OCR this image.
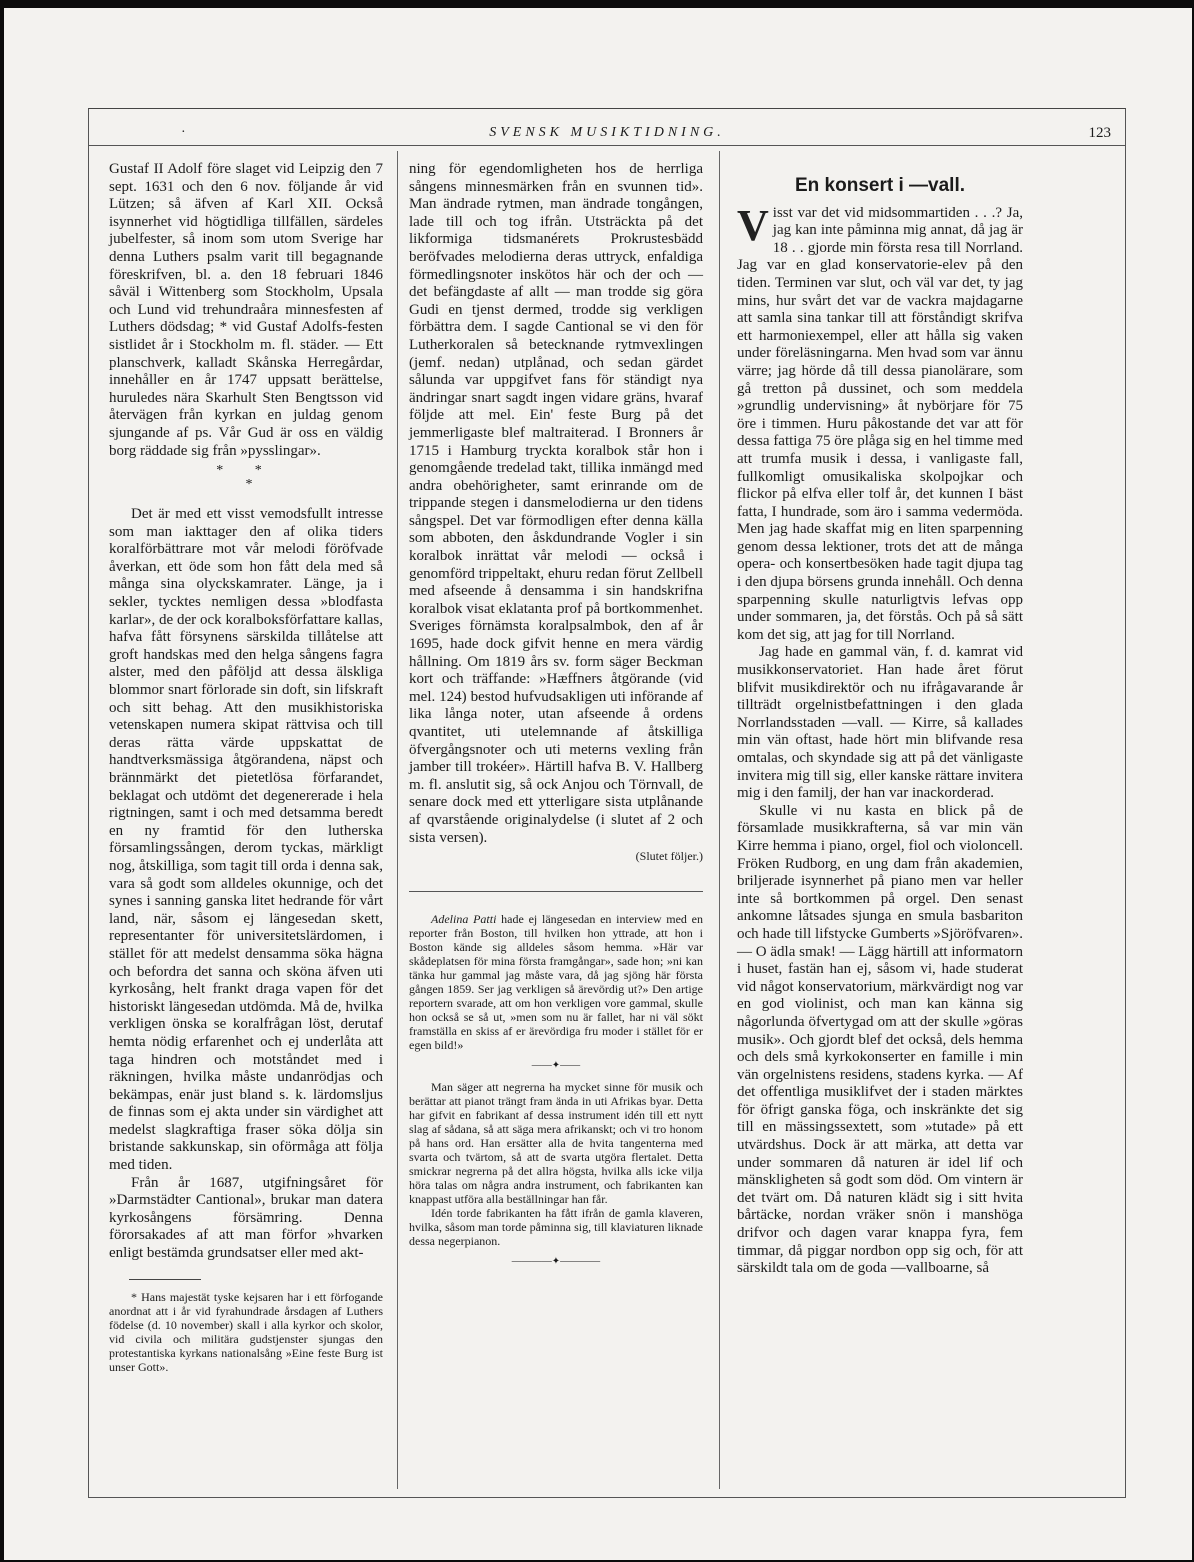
·	SVENSK MUSIKTIDNING.	123

Gustaf II Adolf före slaget vid Leipzig den 7 sept. 1631 och den 6 nov. följande år vid Lützen; så äfven af Karl XII. Också isynnerhet vid högtidliga tillfällen, särdeles jubelfester, så inom som utom Sverige har denna Luthers psalm varit till begagnande föreskrifven, bl. a. den 18 februari 1846 såväl i Wittenberg som Stockholm, Upsala och Lund vid trehundraåra minnesfesten af Luthers dödsdag; * vid Gustaf Adolfs-festen sistlidet år i Stockholm m. fl. städer. — Ett planschverk, kalladt Skånska Herregårdar, innehåller en år 1747 uppsatt berättelse, huruledes nära Skarhult Sten Bengtsson vid återvägen från kyrkan en juldag genom sjungande af ps. Vår Gud är oss en väldig borg räddade sig från »pysslingar».

* *
*

Det är med ett visst vemodsfullt intresse som man iakttager den af olika tiders koralförbättrare mot vår melodi föröfvade åverkan, ett öde som hon fått dela med så många sina olyckskamrater. Länge, ja i sekler, tycktes nemligen dessa »blodfasta karlar», de der ock koralboksförfattare kallas, hafva fått försynens särskilda tillåtelse att groft handskas med den helga sångens fagra alster, med den påföljd att dessa älskliga blommor snart förlorade sin doft, sin lifskraft och sitt behag. Att den musikhistoriska vetenskapen numera skipat rättvisa och till deras rätta värde uppskattat de handtverksmässiga åtgörandena, näpst och brännmärkt det pietetlösa förfarandet, beklagat och utdömt det degenererade i hela rigtningen, samt i och med detsamma beredt en ny framtid för den lutherska församlingssången, derom tyckas, märkligt nog, åtskilliga, som tagit till orda i denna sak, vara så godt som alldeles okunnige, och det synes i sanning ganska litet hedrande för vårt land, när, såsom ej längesedan skett, representanter för universitetslärdomen, i stället för att medelst densamma söka hägna och befordra det sanna och sköna äfven uti kyrkosång, helt frankt draga vapen för det historiskt längesedan utdömda. Må de, hvilka verkligen önska se koralfrågan löst, derutaf hemta nödig erfarenhet och ej underlåta att taga hindren och motståndet med i räkningen, hvilka måste undanrödjas och bekämpas, enär just bland s. k. lärdomsljus de finnas som ej akta under sin värdighet att medelst slagkraftiga fraser söka dölja sin bristande sakkunskap, sin oförmåga att följa med tiden.

Från år 1687, utgifningsåret för »Darmstädter Cantional», brukar man datera kyrkosångens försämring. Denna förorsakades af att man förfor »hvarken enligt bestämda grundsatser eller med akt-

* Hans majestät tyske kejsaren har i ett förfogande anordnat att i år vid fyrahundrade årsdagen af Luthers födelse (d. 10 november) skall i alla kyrkor och skolor, vid civila och militära gudstjenster sjungas den protestantiska kyrkans nationalsång »Eine feste Burg ist unser Gott».

ning för egendomligheten hos de herrliga sångens minnesmärken från en svunnen tid». Man ändrade rytmen, man ändrade tongången, lade till och tog ifrån. Utsträckta på det likformiga tidsmanérets Prokrustesbädd beröfvades melodierna deras uttryck, enfaldiga förmedlingsnoter inskötos här och der och — det befängdaste af allt — man trodde sig göra Gudi en tjenst dermed, trodde sig verkligen förbättra dem. I sagde Cantional se vi den för Lutherkoralen så betecknande rytmvexlingen (jemf. nedan) utplånad, och sedan gärdet sålunda var uppgifvet fans för ständigt nya ändringar snart sagdt ingen vidare gräns, hvaraf följde att mel. Ein' feste Burg på det jemmerligaste blef maltraiterad. I Bronners år 1715 i Hamburg tryckta koralbok står hon i genomgående tredelad takt, tillika inmängd med andra obehörigheter, samt erinrande om de trippande stegen i dansmelodierna ur den tidens sångspel. Det var förmodligen efter denna källa som abboten, den åskdundrande Vogler i sin koralbok inrättat vår melodi — också i genomförd trippeltakt, ehuru redan förut Zellbell med afseende å densamma i sin handskrifna koralbok visat eklatanta prof på bortkommenhet. Sveriges förnämsta koralpsalmbok, den af år 1695, hade dock gifvit henne en mera värdig hållning. Om 1819 års sv. form säger Beckman kort och träffande: »Hæffners åtgörande (vid mel. 124) bestod hufvudsakligen uti införande af lika långa noter, utan afseende å ordens qvantitet, uti utelemnande af åtskilliga öfvergångsnoter och uti meterns vexling från jamber till trokéer». Härtill hafva B. V. Hallberg m. fl. anslutit sig, så ock Anjou och Törnvall, de senare dock med ett ytterligare sista utplånande af qvarstående originalydelse (i slutet af 2 och sista versen).

(Slutet följer.)

Adelina Patti hade ej längesedan en interview med en reporter från Boston, till hvilken hon yttrade, att hon i Boston kände sig alldeles såsom hemma. »Här var skådeplatsen för mina första framgångar», sade hon; »ni kan tänka hur gammal jag måste vara, då jag sjöng här första gången 1859. Ser jag verkligen så ärevördig ut?» Den artige reportern svarade, att om hon verkligen vore gammal, skulle hon också se så ut, »men som nu är fallet, har ni väl sökt framställa en skiss af er ärevördiga fru moder i stället för er egen bild!»

——✦——

Man säger att negrerna ha mycket sinne för musik och berättar att pianot trängt fram ända in uti Afrikas byar. Detta har gifvit en fabrikant af dessa instrument idén till ett nytt slag af sådana, så att säga mera afrikanskt; och vi tro honom på hans ord. Han ersätter alla de hvita tangenterna med svarta och tvärtom, så att de svarta utgöra flertalet. Detta smickrar negrerna på det allra högsta, hvilka alls icke vilja höra talas om några andra instrument, och fabrikanten kan knappast utföra alla beställningar han får.

Idén torde fabrikanten ha fått ifrån de gamla klaveren, hvilka, såsom man torde påminna sig, till klaviaturen liknade dessa negerpianon.

————✦————
En konsert i —vall.

Visst var det vid midsommartiden . . .? Ja, jag kan inte påminna mig annat, då jag är 18 . . gjorde min första resa till Norrland. Jag var en glad konservatorie-elev på den tiden. Terminen var slut, och väl var det, ty jag mins, hur svårt det var de vackra majdagarne att samla sina tankar till att förståndigt skrifva ett harmoniexempel, eller att hålla sig vaken under föreläsningarna. Men hvad som var ännu värre; jag hörde då till dessa pianolärare, som gå tretton på dussinet, och som meddela »grundlig undervisning» åt nybörjare för 75 öre i timmen. Huru påkostande det var att för dessa fattiga 75 öre plåga sig en hel timme med att trumfa musik i dessa, i vanligaste fall, fullkomligt omusikaliska skolpojkar och flickor på elfva eller tolf år, det kunnen I bäst fatta, I hundrade, som äro i samma vedermöda. Men jag hade skaffat mig en liten sparpenning genom dessa lektioner, trots det att de många opera- och konsertbesöken hade tagit djupa tag i den djupa börsens grunda innehåll. Och denna sparpenning skulle naturligtvis lefvas opp under sommaren, ja, det förstås. Och på så sätt kom det sig, att jag for till Norrland.

Jag hade en gammal vän, f. d. kamrat vid musikkonservatoriet. Han hade året förut blifvit musikdirektör och nu ifrågavarande år tillträdt orgelnistbefattningen i den glada Norrlandsstaden —vall. — Kirre, så kallades min vän oftast, hade hört min blifvande resa omtalas, och skyndade sig att på det vänligaste invitera mig till sig, eller kanske rättare invitera mig i den familj, der han var inackorderad.

Skulle vi nu kasta en blick på de församlade musikkrafterna, så var min vän Kirre hemma i piano, orgel, fiol och violoncell. Fröken Rudborg, en ung dam från akademien, briljerade isynnerhet på piano men var heller inte så bortkommen på orgel. Den senast ankomne låtsades sjunga en smula basbariton och hade till lifstycke Gumberts »Sjöröfvaren». — O ädla smak! — Lägg härtill att informatorn i huset, fastän han ej, såsom vi, hade studerat vid något konservatorium, märkvärdigt nog var en god violinist, och man kan känna sig någorlunda öfvertygad om att der skulle »göras musik». Och gjordt blef det också, dels hemma och dels små kyrkokonserter en famille i min vän orgelnistens residens, stadens kyrka. — Af det offentliga musiklifvet der i staden märktes för öfrigt ganska föga, och inskränkte det sig till en mässingssextett, som »tutade» på ett utvärdshus. Dock är att märka, att detta var under sommaren då naturen är idel lif och mänskligheten så godt som död. Om vintern är det tvärt om. Då naturen klädt sig i sitt hvita bårtäcke, nordan vräker snön i manshöga drifvor och dagen varar knappa fyra, fem timmar, då piggar nordbon opp sig och, för att särskildt tala om de goda —vallboarne, så
